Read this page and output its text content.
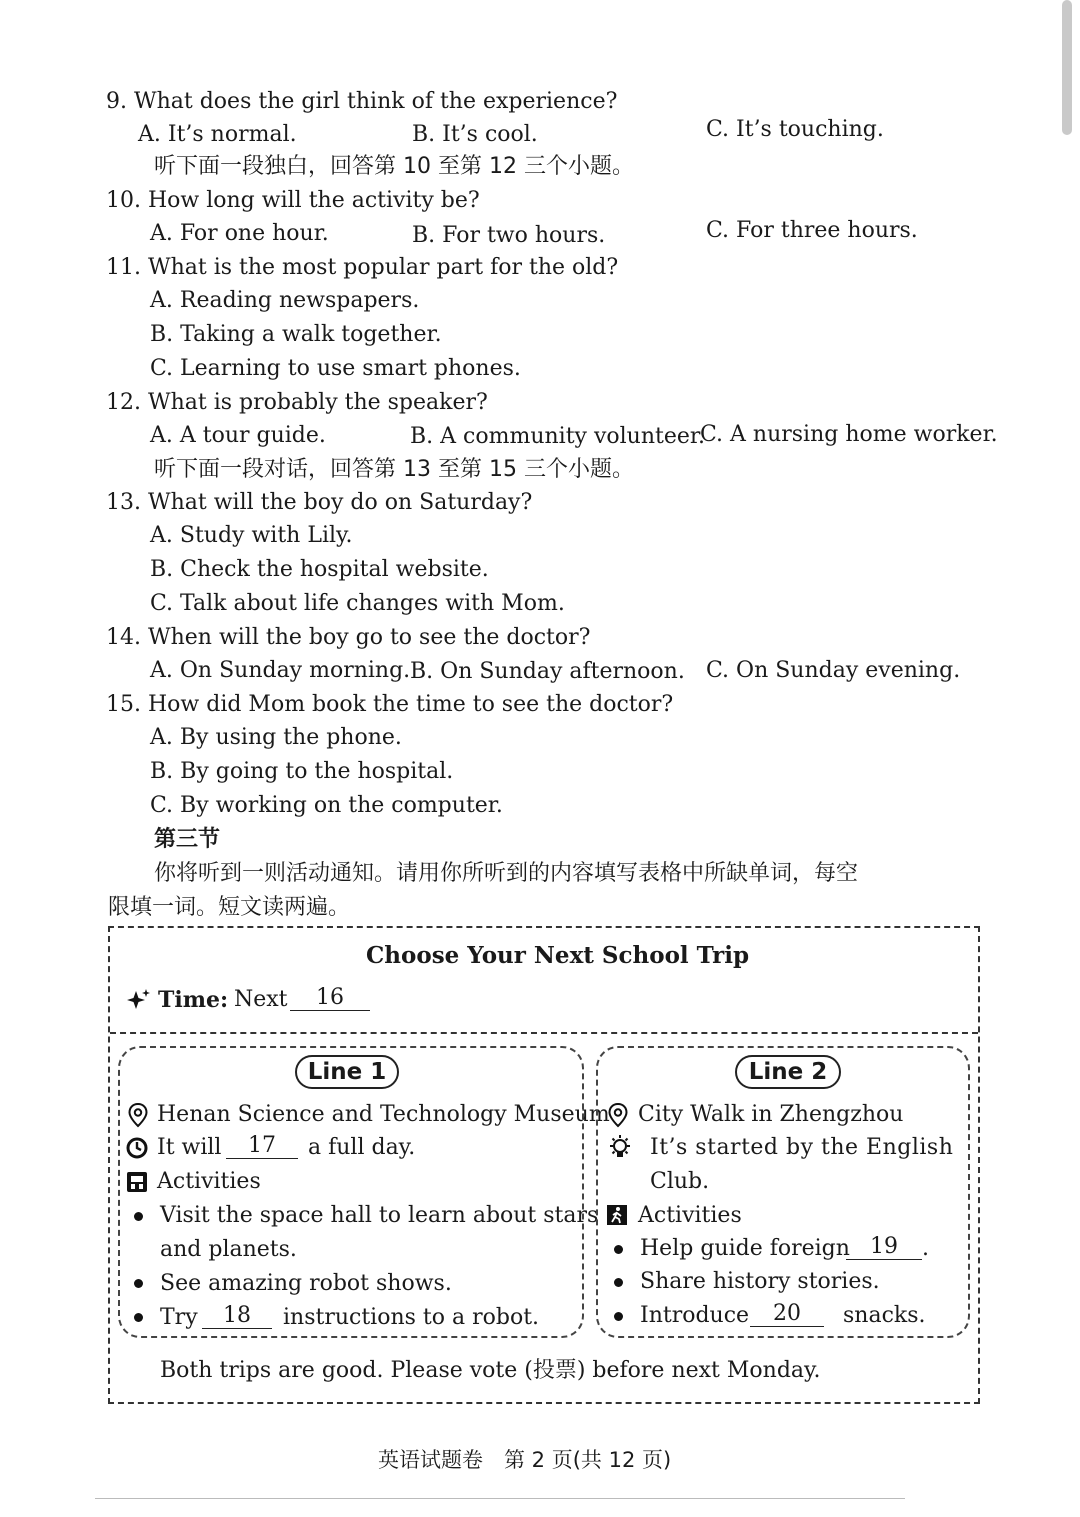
9. What does the girl think of the experience?
A. It’s normal.	B. It’s cool.	C. It’s touching.
听下面一段独白，回答第 10 至第 12 三个小题。
10. How long will the activity be?
A. For one hour.	B. For two hours.	C. For three hours.
11. What is the most popular part for the old?
A. Reading newspapers.
B. Taking a walk together.
C. Learning to use smart phones.
12. What is probably the speaker?
A. A tour guide.	B. A community volunteer.
C. A nursing home worker.
听下面一段对话，回答第 13 至第 15 三个小题。
13. What will the boy do on Saturday?
A. Study with Lily.
B. Check the hospital website.
C. Talk about life changes with Mom.
14. When will the boy go to see the doctor?
A. On Sunday morning. B. On Sunday afternoon. C. On Sunday evening.
15. How did Mom book the time to see the doctor?
A. By using the phone.
B. By going to the hospital.
C. By working on the computer.
第三节
你将听到一则活动通知。请用你所听到的内容填写表格中所缺单词，每空
限填一词。短文读两遍。
Choose Your Next School Trip
Time: Next	16
Line 1
Henan Science and Technology Museum
It will	17	a full day.
Activities
Visit the space hall to learn about stars
and planets.
See amazing robot shows.
Try	18	instructions to a robot.
Line 2
City Walk in Zhengzhou
It’s started by the English
Club.
Activities
Help guide foreign 19	.
Share history stories.
Introduce	20	snacks.
Both trips are good. Please vote (投票) before next Monday.
英语试题卷　第 2 页(共 12 页)
